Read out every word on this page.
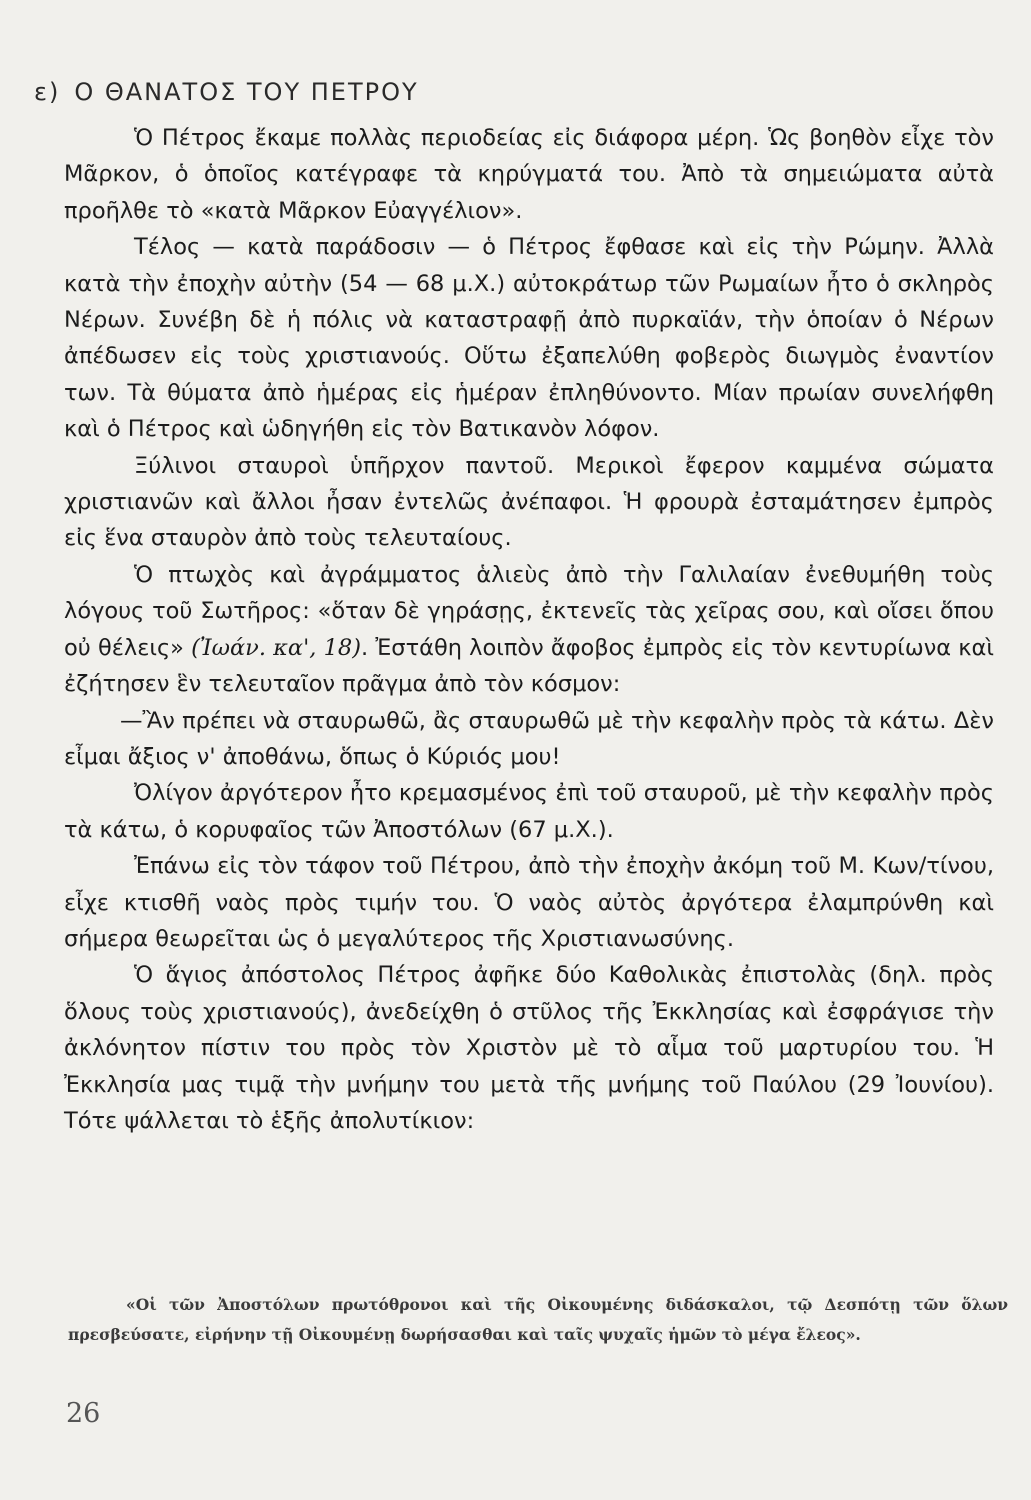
ε) Ο ΘΑΝΑΤΟΣ ΤΟΥ ΠΕΤΡΟΥ

Ὁ Πέτρος ἔκαμε πολλὰς περιοδείας εἰς διάφορα μέρη. Ὡς βοηθὸν εἶχε τὸν Μᾶρκον, ὁ ὁποῖος κατέγραφε τὰ κηρύγματά του. Ἀπὸ τὰ σημειώματα αὐτὰ προῆλθε τὸ «κατὰ Μᾶρκον Εὐαγγέλιον».

Τέλος — κατὰ παράδοσιν — ὁ Πέτρος ἔφθασε καὶ εἰς τὴν Ρώμην. Ἀλλὰ κατὰ τὴν ἐποχὴν αὐτὴν (54 — 68 μ.Χ.) αὐτοκράτωρ τῶν Ρωμαίων ἦτο ὁ σκληρὸς Νέρων. Συνέβη δὲ ἡ πόλις νὰ καταστραφῇ ἀπὸ πυρκαϊάν, τὴν ὁποίαν ὁ Νέρων ἀπέδωσεν εἰς τοὺς χριστιανούς. Οὕτω ἐξαπελύθη φοβερὸς διωγμὸς ἐναντίον των. Τὰ θύματα ἀπὸ ἡμέρας εἰς ἡμέραν ἐπληθύνοντο. Μίαν πρωίαν συνελήφθη καὶ ὁ Πέτρος καὶ ὡδηγήθη εἰς τὸν Βατικανὸν λόφον.

Ξύλινοι σταυροὶ ὑπῆρχον παντοῦ. Μερικοὶ ἔφερον καμμένα σώματα χριστιανῶν καὶ ἄλλοι ἦσαν ἐντελῶς ἀνέπαφοι. Ἡ φρουρὰ ἐσταμάτησεν ἐμπρὸς εἰς ἕνα σταυρὸν ἀπὸ τοὺς τελευταίους.

Ὁ πτωχὸς καὶ ἀγράμματος ἁλιεὺς ἀπὸ τὴν Γαλιλαίαν ἐνεθυμήθη τοὺς λόγους τοῦ Σωτῆρος: «ὅταν δὲ γηράσῃς, ἐκτενεῖς τὰς χεῖρας σου, καὶ οἴσει ὅπου οὐ θέλεις» (Ἰωάν. κα', 18). Ἐστάθη λοιπὸν ἄφοβος ἐμπρὸς εἰς τὸν κεντυρίωνα καὶ ἐζήτησεν ἓν τελευταῖον πρᾶγμα ἀπὸ τὸν κόσμον:

—Ἂν πρέπει νὰ σταυρωθῶ, ἂς σταυρωθῶ μὲ τὴν κεφαλὴν πρὸς τὰ κάτω. Δὲν εἶμαι ἄξιος ν' ἀποθάνω, ὅπως ὁ Κύριός μου!

Ὀλίγον ἀργότερον ἦτο κρεμασμένος ἐπὶ τοῦ σταυροῦ, μὲ τὴν κεφαλὴν πρὸς τὰ κάτω, ὁ κορυφαῖος τῶν Ἀποστόλων (67 μ.Χ.).

Ἐπάνω εἰς τὸν τάφον τοῦ Πέτρου, ἀπὸ τὴν ἐποχὴν ἀκόμη τοῦ Μ. Κων/τίνου, εἶχε κτισθῆ ναὸς πρὸς τιμήν του. Ὁ ναὸς αὐτὸς ἀργότερα ἐλαμπρύνθη καὶ σήμερα θεωρεῖται ὡς ὁ μεγαλύτερος τῆς Χριστιανωσύνης.

Ὁ ἅγιος ἀπόστολος Πέτρος ἀφῆκε δύο Καθολικὰς ἐπιστολὰς (δηλ. πρὸς ὅλους τοὺς χριστιανούς), ἀνεδείχθη ὁ στῦλος τῆς Ἐκκλησίας καὶ ἐσφράγισε τὴν ἀκλόνητον πίστιν του πρὸς τὸν Χριστὸν μὲ τὸ αἷμα τοῦ μαρτυρίου του. Ἡ Ἐκκλησία μας τιμᾷ τὴν μνήμην του μετὰ τῆς μνήμης τοῦ Παύλου (29 Ἰουνίου). Τότε ψάλλεται τὸ ἑξῆς ἀπολυτίκιον:

«Οἱ τῶν Ἀποστόλων πρωτόθρονοι καὶ τῆς Οἰκουμένης διδάσκαλοι, τῷ Δεσπότῃ τῶν ὅλων πρεσβεύσατε, εἰρήνην τῇ Οἰκουμένῃ δωρήσασθαι καὶ ταῖς ψυχαῖς ἡμῶν τὸ μέγα ἔλεος».

26
